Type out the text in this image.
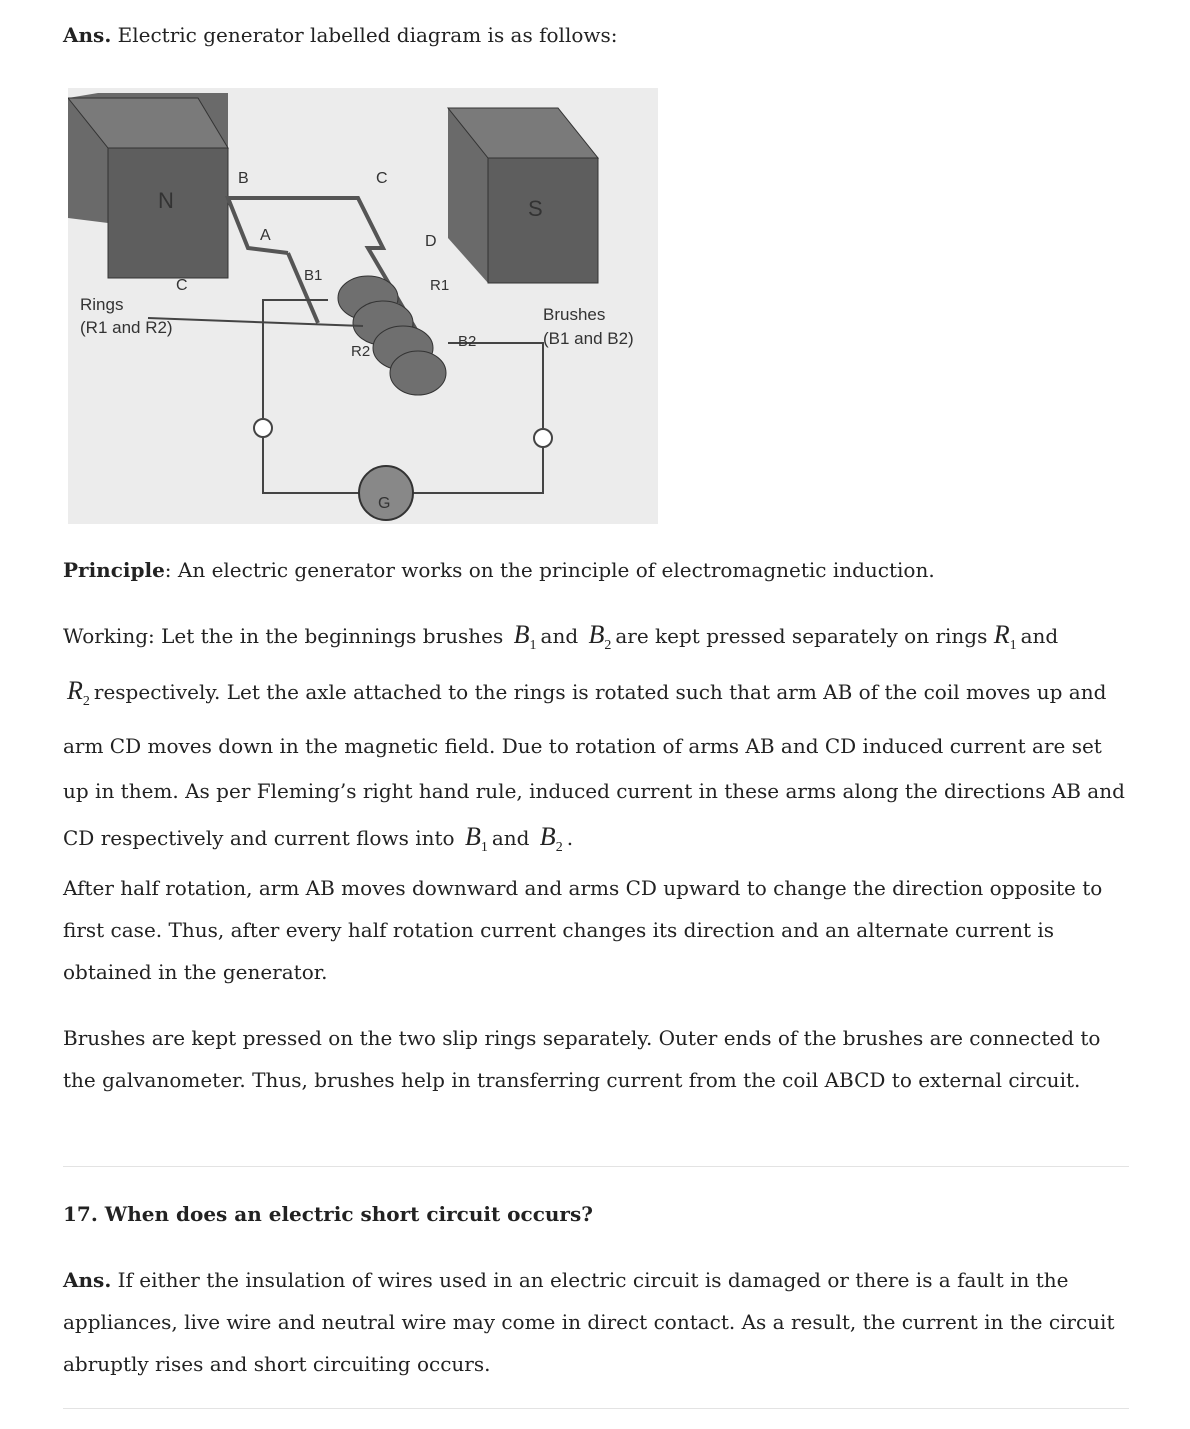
Ans. Electric generator labelled diagram is as follows:
N	S
G
B	C
A	D
C
B1
R1
R2
B2
Rings
(R1 and R2)
Brushes
(B1 and B2)
Principle: An electric generator works on the principle of electromagnetic induction.
Working: Let the in the beginnings brushes $B_1$ and $B_2$ are kept pressed separately on rings $R_1$ and $R_2$ respectively. Let the axle attached to the rings is rotated such that arm AB of the coil moves up and arm CD moves down in the magnetic field. Due to rotation of arms AB and CD induced current are set up in them. As per Fleming’s right hand rule, induced current in these arms along the directions AB and CD respectively and current flows into $B_1$ and $B_2$ .
After half rotation, arm AB moves downward and arms CD upward to change the direction opposite to first case. Thus, after every half rotation current changes its direction and an alternate current is obtained in the generator.
Brushes are kept pressed on the two slip rings separately. Outer ends of the brushes are connected to the galvanometer. Thus, brushes help in transferring current from the coil ABCD to external circuit.
17. When does an electric short circuit occurs?
Ans. If either the insulation of wires used in an electric circuit is damaged or there is a fault in the appliances, live wire and neutral wire may come in direct contact. As a result, the current in the circuit abruptly rises and short circuiting occurs.
